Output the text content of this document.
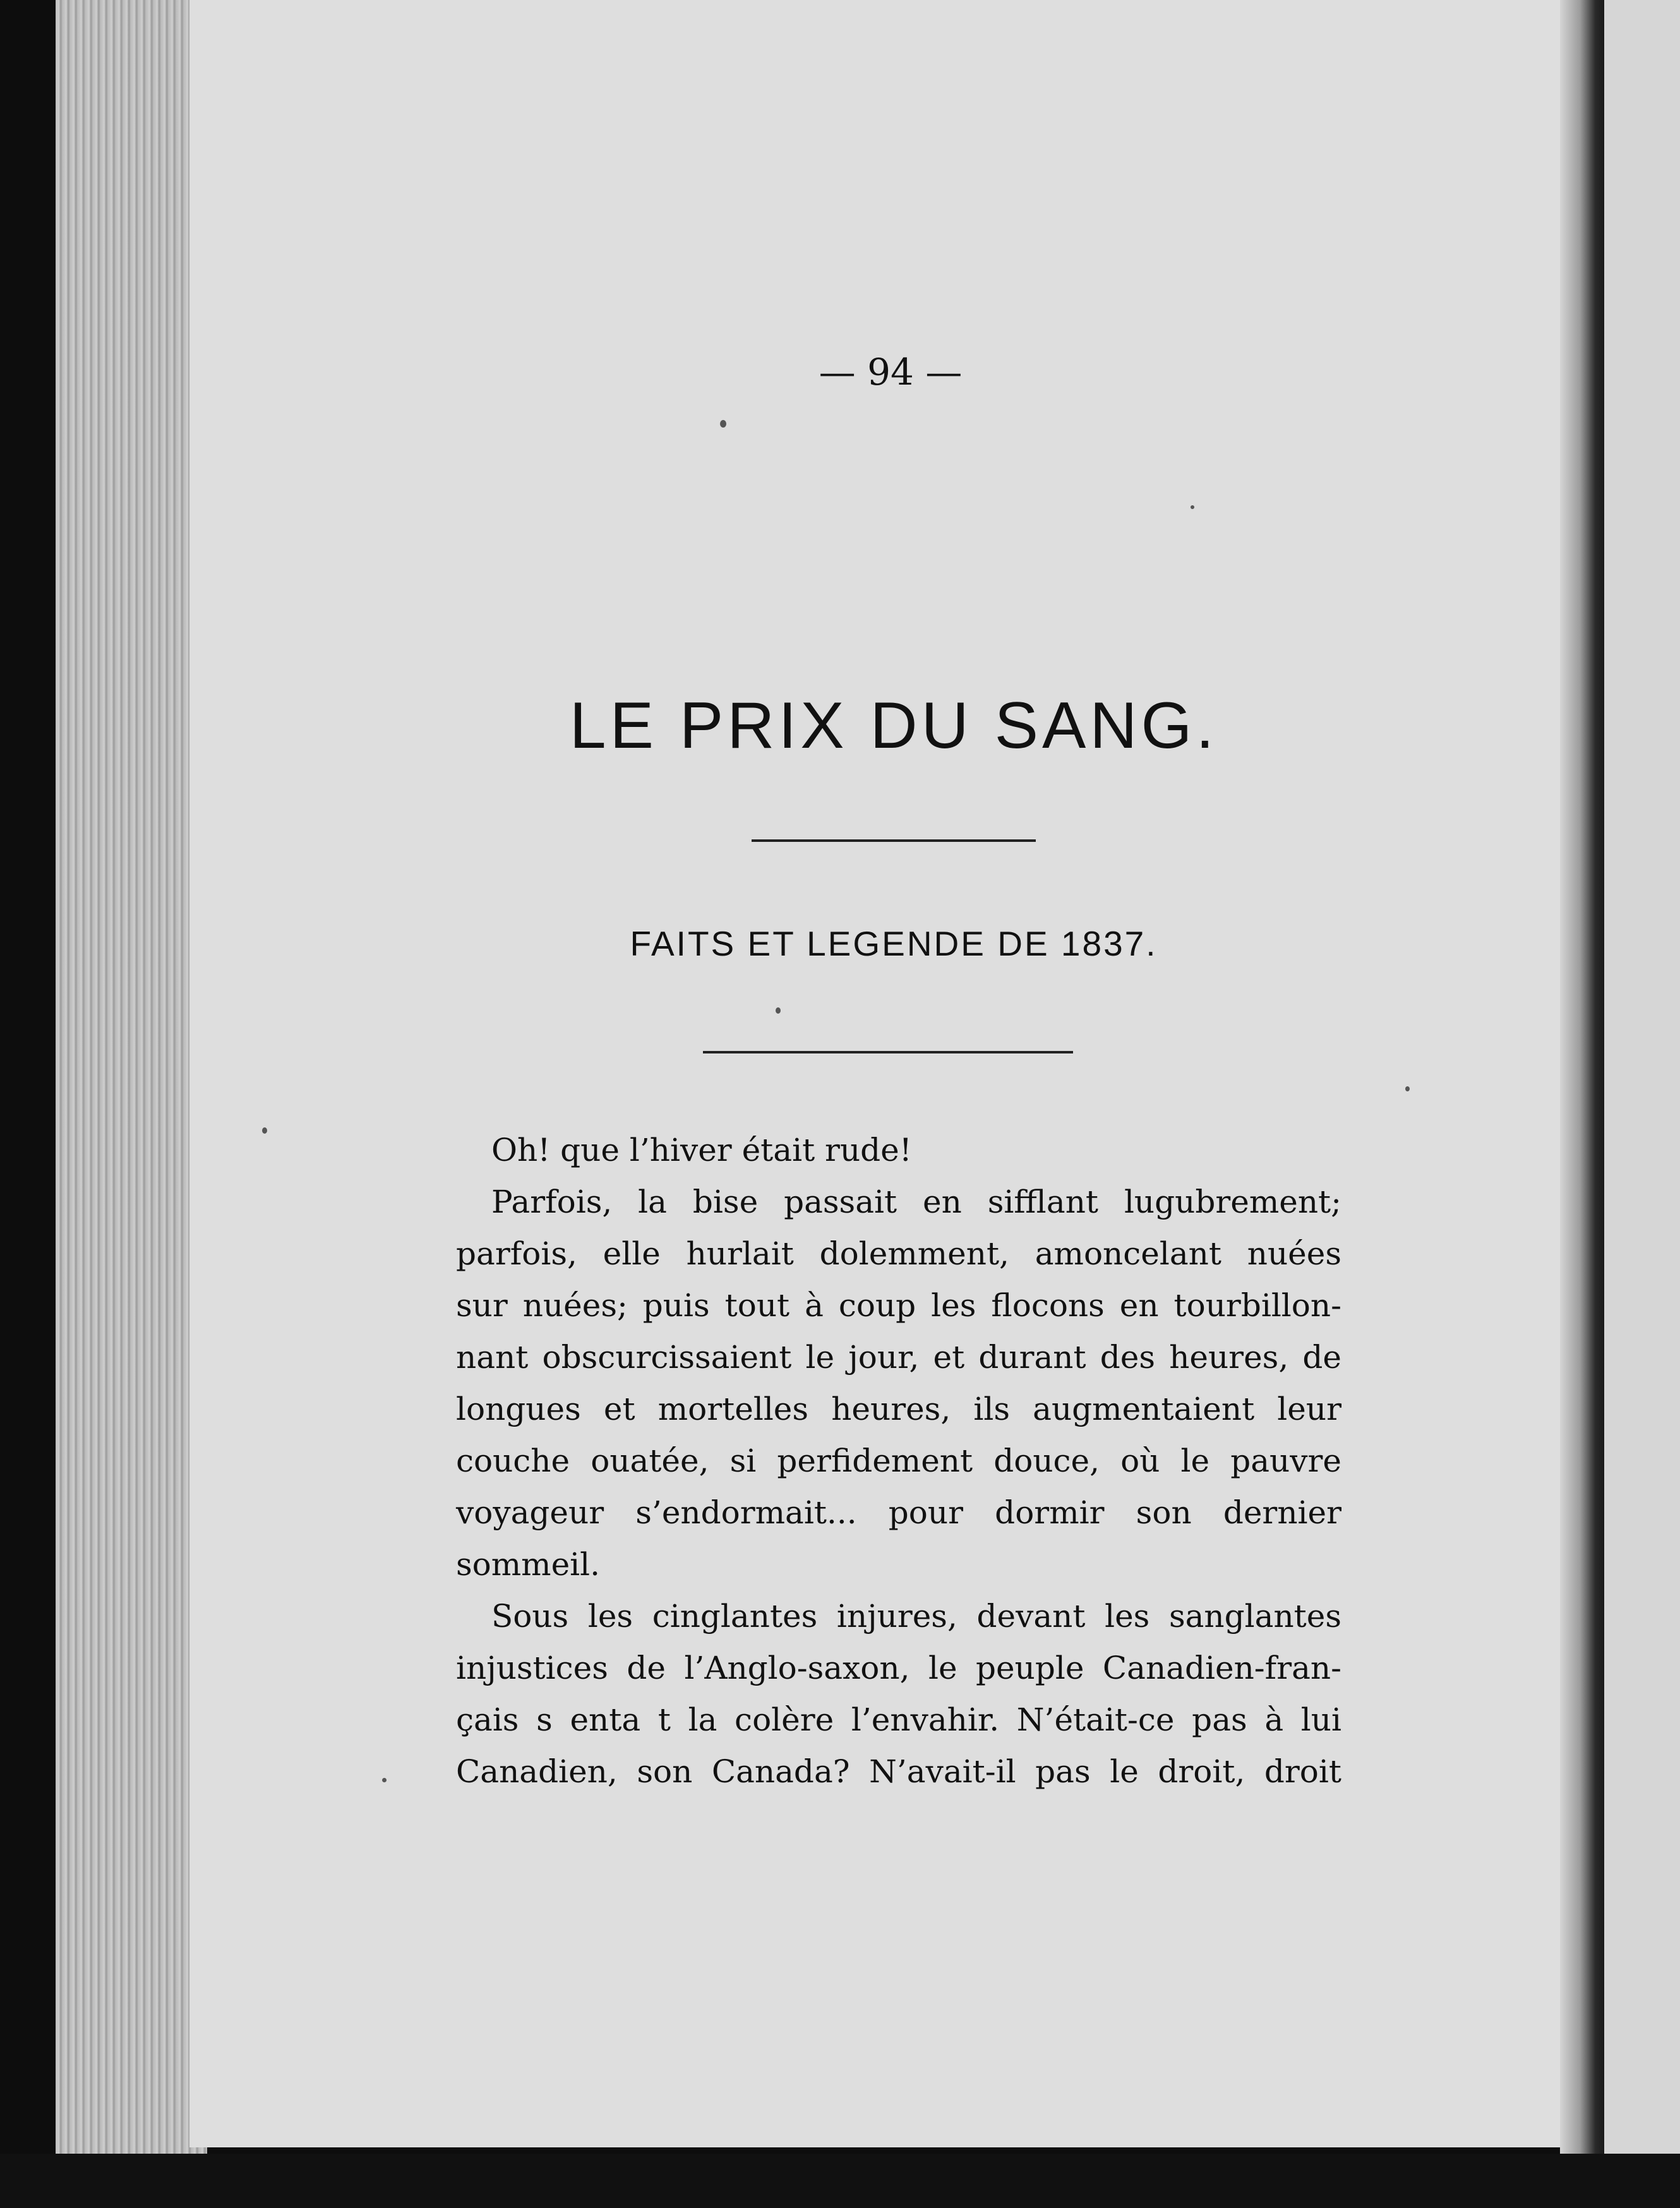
— 94 —
LE PRIX DU SANG.
FAITS ET LEGENDE DE 1837.
Oh! que l’hiver était rude!
Parfois, la bise passait en sifflant lugubrement;
parfois, elle hurlait dolemment, amoncelant nuées
sur nuées; puis tout à coup les flocons en tourbillon-
nant obscurcissaient le jour, et durant des heures, de
longues et mortelles heures, ils augmentaient leur
couche ouatée, si perfidement douce, où le pauvre
voyageur s’endormait... pour dormir son dernier
sommeil.
Sous les cinglantes injures, devant les sanglantes
injustices de l’Anglo-saxon, le peuple Canadien-fran-
çais s enta t la colère l’envahir. N’était-ce pas à lui
Canadien, son Canada? N’avait-il pas le droit, droit
